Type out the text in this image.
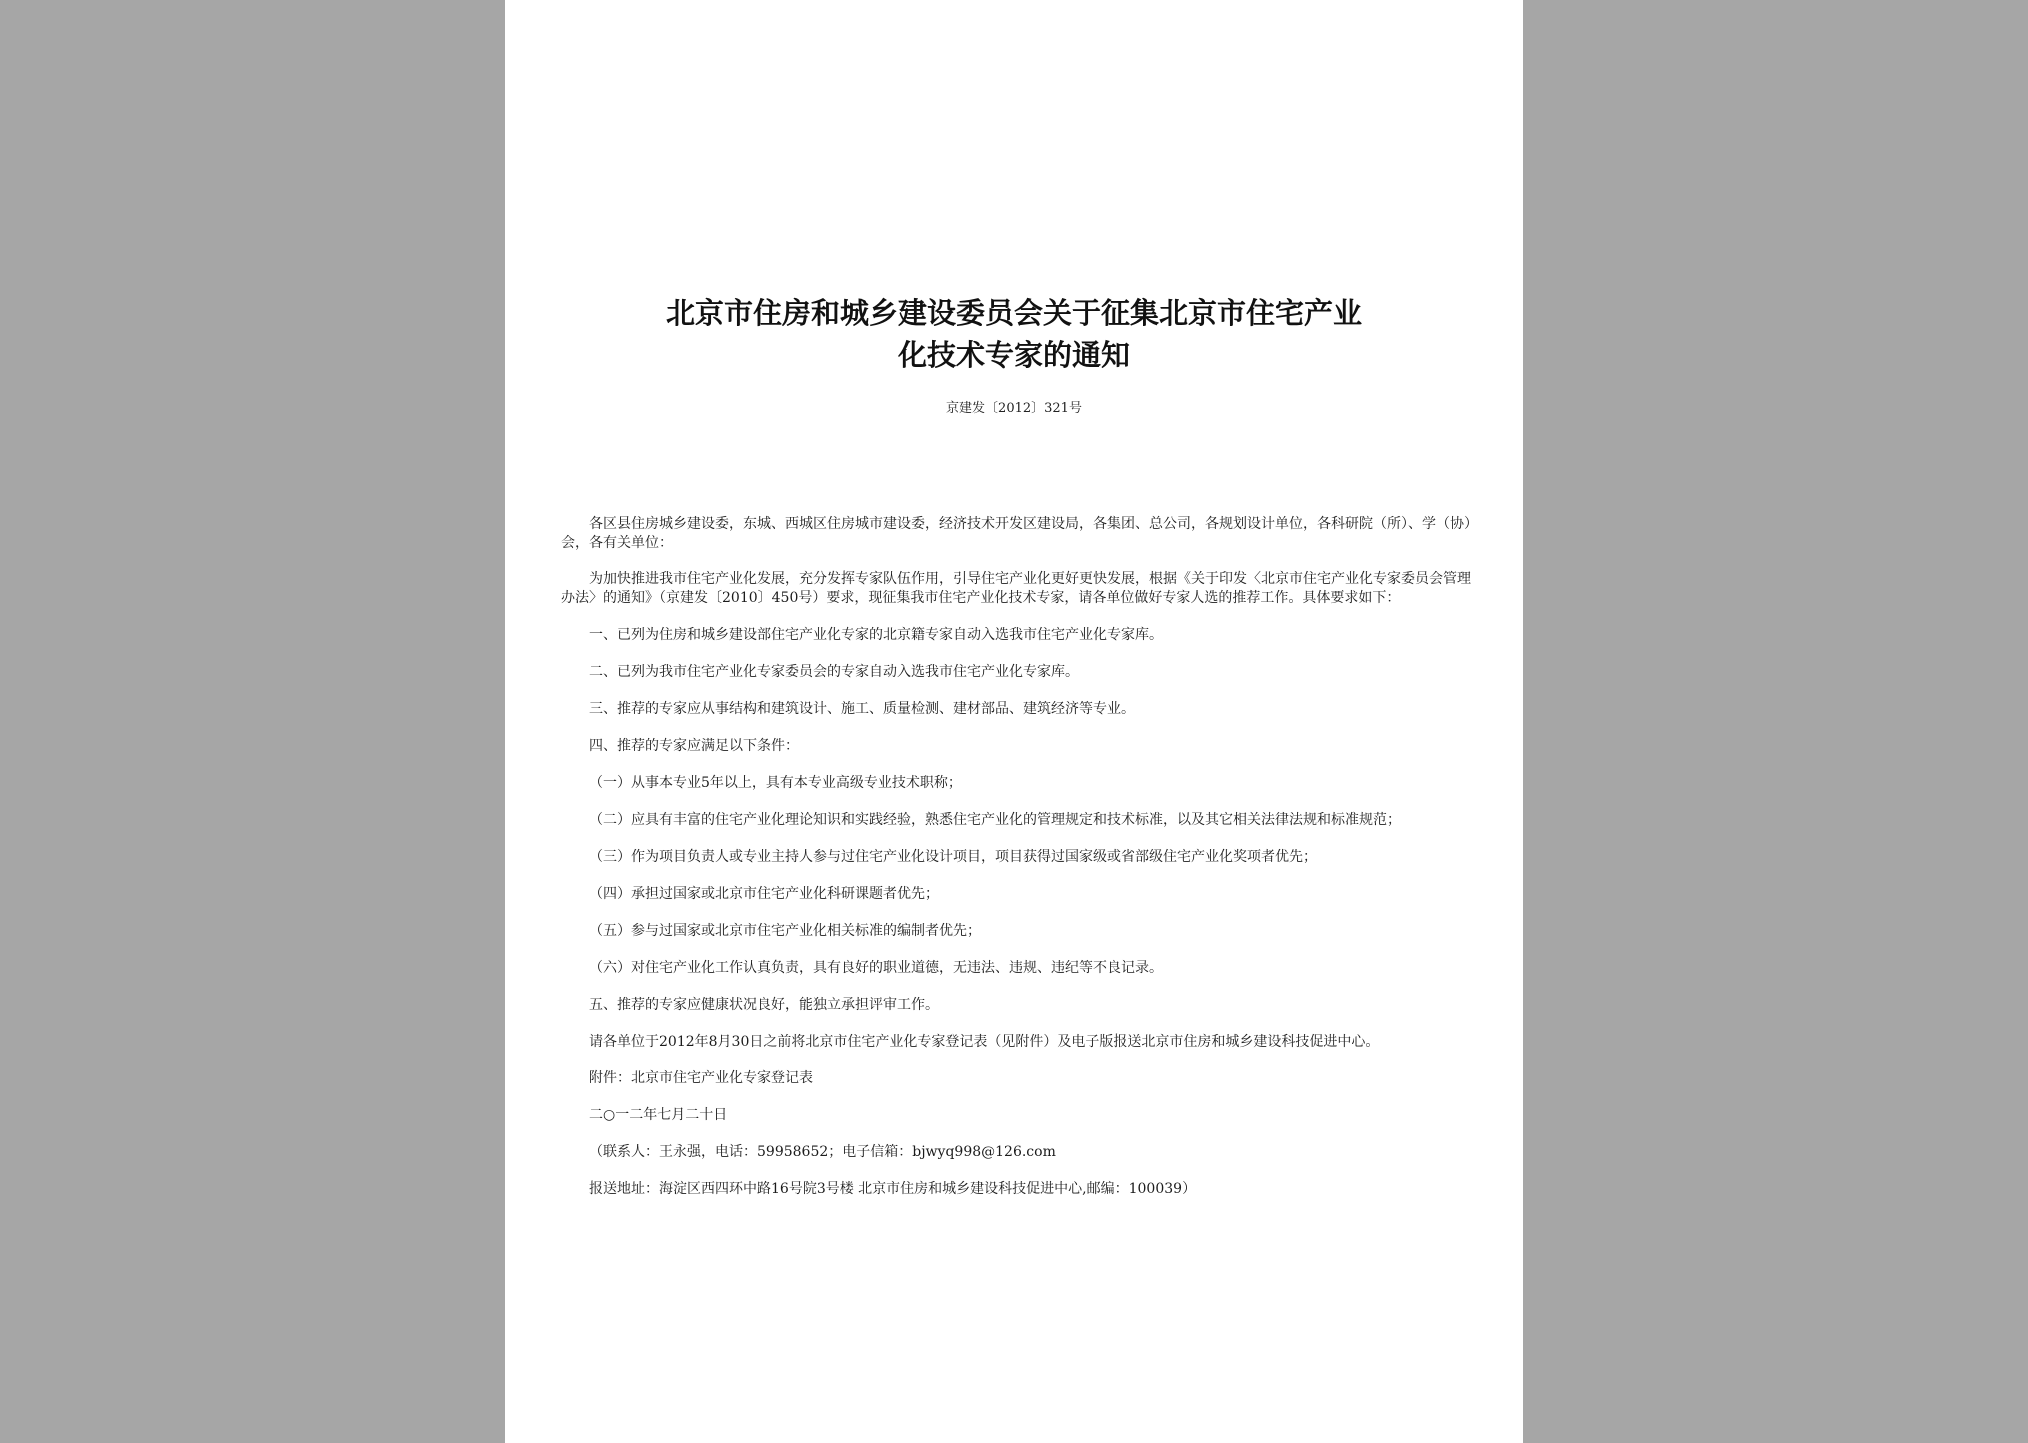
北京市住房和城乡建设委员会关于征集北京市住宅产业
化技术专家的通知
京建发〔2012〕321号

各区县住房城乡建设委，东城、西城区住房城市建设委，经济技术开发区建设局，各集团、总公司，各规划设计单位，各科研院（所）、学（协）会，各有关单位：

为加快推进我市住宅产业化发展，充分发挥专家队伍作用，引导住宅产业化更好更快发展，根据《关于印发〈北京市住宅产业化专家委员会管理办法〉的通知》（京建发〔2010〕450号）要求，现征集我市住宅产业化技术专家，请各单位做好专家人选的推荐工作。具体要求如下：

一、已列为住房和城乡建设部住宅产业化专家的北京籍专家自动入选我市住宅产业化专家库。

二、已列为我市住宅产业化专家委员会的专家自动入选我市住宅产业化专家库。

三、推荐的专家应从事结构和建筑设计、施工、质量检测、建材部品、建筑经济等专业。

四、推荐的专家应满足以下条件：

（一）从事本专业5年以上，具有本专业高级专业技术职称；

（二）应具有丰富的住宅产业化理论知识和实践经验，熟悉住宅产业化的管理规定和技术标准，以及其它相关法律法规和标准规范；

（三）作为项目负责人或专业主持人参与过住宅产业化设计项目，项目获得过国家级或省部级住宅产业化奖项者优先；

（四）承担过国家或北京市住宅产业化科研课题者优先；

（五）参与过国家或北京市住宅产业化相关标准的编制者优先；

（六）对住宅产业化工作认真负责，具有良好的职业道德，无违法、违规、违纪等不良记录。

五、推荐的专家应健康状况良好，能独立承担评审工作。

请各单位于2012年8月30日之前将北京市住宅产业化专家登记表（见附件）及电子版报送北京市住房和城乡建设科技促进中心。

附件：北京市住宅产业化专家登记表

二○一二年七月二十日

（联系人：王永强，电话：59958652；电子信箱：bjwyq998@126.com

报送地址：海淀区西四环中路16号院3号楼 北京市住房和城乡建设科技促进中心,邮编：100039）
